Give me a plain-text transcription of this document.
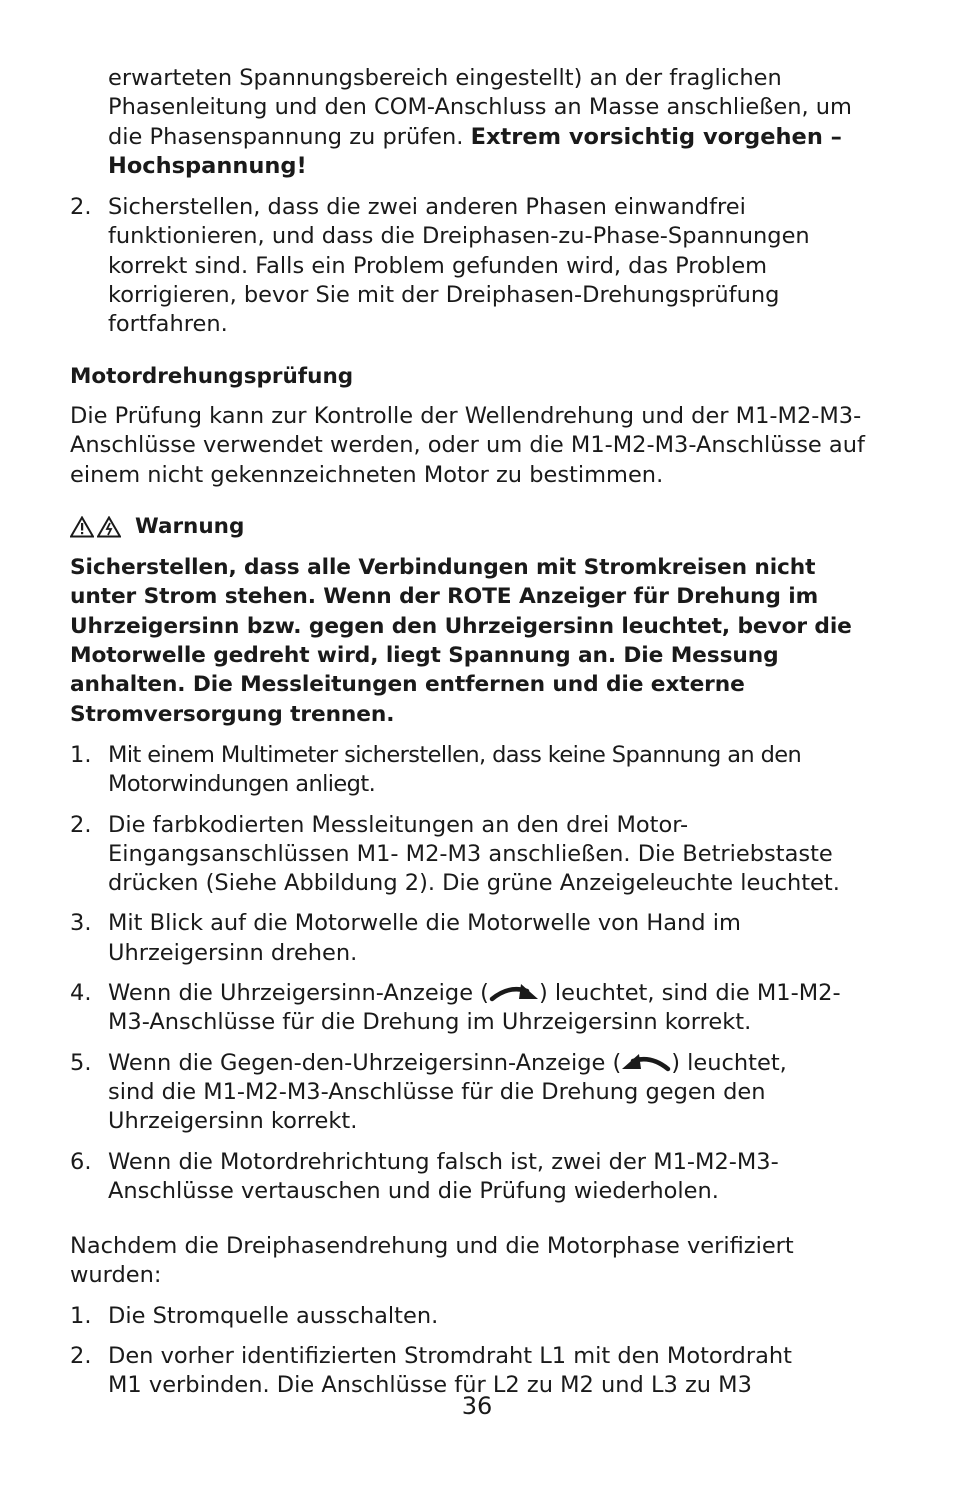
erwarteten Spannungsbereich eingestellt) an der fraglichen Phasenleitung und den COM-Anschluss an Masse anschließen, um die Phasenspannung zu prüfen. Extrem vorsichtig vorgehen – Hochspannung!

2. Sicherstellen, dass die zwei anderen Phasen einwandfrei funktionieren, und dass die Dreiphasen-zu-Phase-Spannungen korrekt sind. Falls ein Problem gefunden wird, das Problem korrigieren, bevor Sie mit der Dreiphasen-Drehungsprüfung fortfahren.

Motordrehungsprüfung

Die Prüfung kann zur Kontrolle der Wellendrehung und der M1-M2-M3-Anschlüsse verwendet werden, oder um die M1-M2-M3-Anschlüsse auf einem nicht gekennzeichneten Motor zu bestimmen.

Warnung

Sicherstellen, dass alle Verbindungen mit Stromkreisen nicht unter Strom stehen. Wenn der ROTE Anzeiger für Drehung im Uhrzeigersinn bzw. gegen den Uhrzeigersinn leuchtet, bevor die Motorwelle gedreht wird, liegt Spannung an. Die Messung anhalten. Die Messleitungen entfernen und die externe Stromversorgung trennen.

1. Mit einem Multimeter sicherstellen, dass keine Spannung an den Motorwindungen anliegt.
2. Die farbkodierten Messleitungen an den drei Motor-Eingangsanschlüssen M1- M2-M3 anschließen. Die Betriebstaste drücken (Siehe Abbildung 2). Die grüne Anzeigeleuchte leuchtet.
3. Mit Blick auf die Motorwelle die Motorwelle von Hand im Uhrzeigersinn drehen.
4. Wenn die Uhrzeigersinn-Anzeige ( ) leuchtet, sind die M1-M2-M3-Anschlüsse für die Drehung im Uhrzeigersinn korrekt.
5. Wenn die Gegen-den-Uhrzeigersinn-Anzeige ( ) leuchtet, sind die M1-M2-M3-Anschlüsse für die Drehung gegen den Uhrzeigersinn korrekt.
6. Wenn die Motordrehrichtung falsch ist, zwei der M1-M2-M3-Anschlüsse vertauschen und die Prüfung wiederholen.

Nachdem die Dreiphasendrehung und die Motorphase verifiziert wurden:

1. Die Stromquelle ausschalten.
2. Den vorher identifizierten Stromdraht L1 mit den Motordraht M1 verbinden. Die Anschlüsse für L2 zu M2 und L3 zu M3
36
